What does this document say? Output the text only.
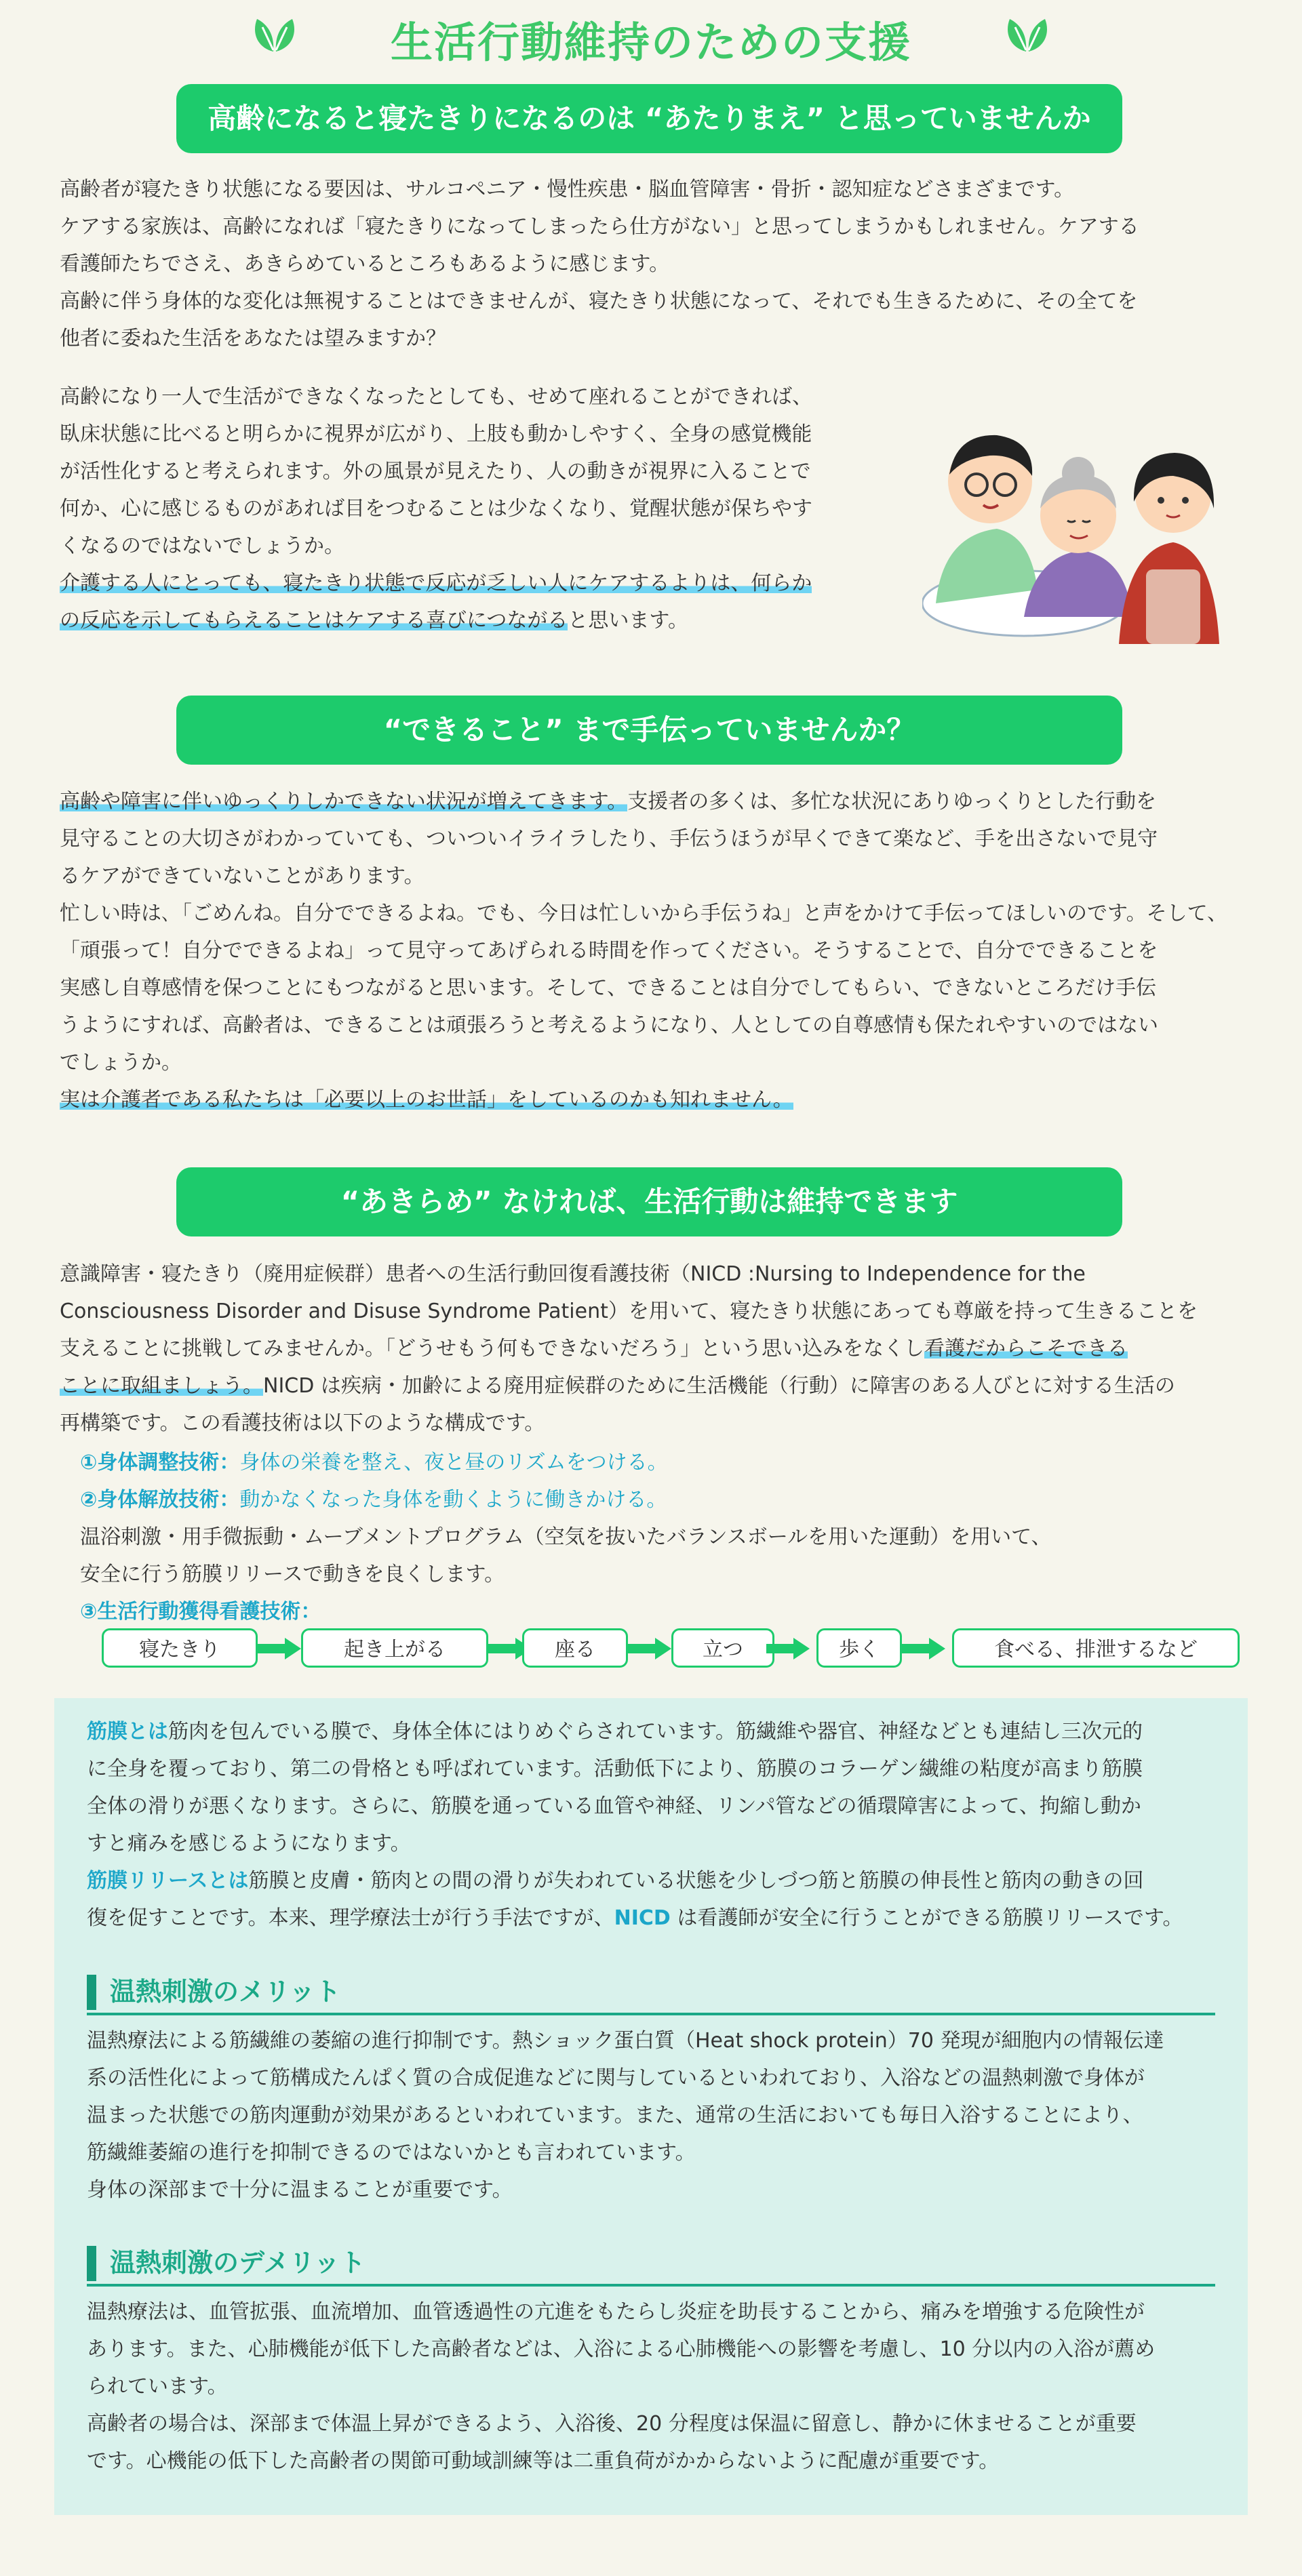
生活行動維持のための支援
高齢になると寝たきりになるのは “あたりまえ” と思っていませんか

高齢者が寝たきり状態になる要因は、サルコペニア・慢性疾患・脳血管障害・骨折・認知症などさまざまです。

ケアする家族は、高齢になれば「寝たきりになってしまったら仕方がない」と思ってしまうかもしれません。ケアする

看護師たちでさえ、あきらめているところもあるように感じます。

高齢に伴う身体的な変化は無視することはできませんが、寝たきり状態になって、それでも生きるために、その全てを

他者に委ねた生活をあなたは望みますか？

高齢になり一人で生活ができなくなったとしても、せめて座れることができれば、

臥床状態に比べると明らかに視界が広がり、上肢も動かしやすく、全身の感覚機能

が活性化すると考えられます。外の風景が見えたり、人の動きが視界に入ることで

何か、心に感じるものがあれば目をつむることは少なくなり、覚醒状態が保ちやす

くなるのではないでしょうか。

介護する人にとっても、寝たきり状態で反応が乏しい人にケアするよりは、何らか

の反応を示してもらえることはケアする喜びにつながると思います。

“できること” まで手伝っていませんか？

高齢や障害に伴いゆっくりしかできない状況が増えてきます。支援者の多くは、多忙な状況にありゆっくりとした行動を

見守ることの大切さがわかっていても、ついついイライラしたり、手伝うほうが早くできて楽など、手を出さないで見守

るケアができていないことがあります。

忙しい時は､「ごめんね。自分でできるよね。でも、今日は忙しいから手伝うね」と声をかけて手伝ってほしいのです。そして、

「頑張って！自分でできるよね」って見守ってあげられる時間を作ってください。そうすることで、自分でできることを

実感し自尊感情を保つことにもつながると思います。そして、できることは自分でしてもらい、できないところだけ手伝

うようにすれば、高齢者は、できることは頑張ろうと考えるようになり、人としての自尊感情も保たれやすいのではない

でしょうか。

実は介護者である私たちは「必要以上のお世話」をしているのかも知れません。

“あきらめ” なければ、生活行動は維持できます

意識障害・寝たきり（廃用症候群）患者への生活行動回復看護技術（NICD :Nursing to Independence for the

Consciousness Disorder and Disuse Syndrome Patient）を用いて、寝たきり状態にあっても尊厳を持って生きることを

支えることに挑戦してみませんか。「どうせもう何もできないだろう」という思い込みをなくし看護だからこそできる

ことに取組ましょう。NICD は疾病・加齢による廃用症候群のために生活機能（行動）に障害のある人びとに対する生活の

再構築です。この看護技術は以下のような構成です。

①身体調整技術：身体の栄養を整え、夜と昼のリズムをつける。
②身体解放技術：動かなくなった身体を動くように働きかける。
温浴刺激・用手微振動・ムーブメントプログラム（空気を抜いたバランスボールを用いた運動）を用いて、
安全に行う筋膜リリースで動きを良くします。
③生活行動獲得看護技術：
寝たきり	起き上がる	座る	立つ	歩く	食べる、排泄するなど

筋膜とは筋肉を包んでいる膜で、身体全体にはりめぐらされています。筋繊維や器官、神経などとも連結し三次元的

に全身を覆っており、第二の骨格とも呼ばれています。活動低下により、筋膜のコラーゲン繊維の粘度が高まり筋膜

全体の滑りが悪くなります。さらに、筋膜を通っている血管や神経、リンパ管などの循環障害によって、拘縮し動か

すと痛みを感じるようになります。

筋膜リリースとは筋膜と皮膚・筋肉との間の滑りが失われている状態を少しづつ筋と筋膜の伸長性と筋肉の動きの回

復を促すことです。本来、理学療法士が行う手法ですが、NICD は看護師が安全に行うことができる筋膜リリースです。

温熱刺激のメリット

温熱療法による筋繊維の萎縮の進行抑制です。熱ショック蛋白質（Heat shock protein）70 発現が細胞内の情報伝達

系の活性化によって筋構成たんぱく質の合成促進などに関与しているといわれており、入浴などの温熱刺激で身体が

温まった状態での筋肉運動が効果があるといわれています。また、通常の生活においても毎日入浴することにより、

筋繊維萎縮の進行を抑制できるのではないかとも言われています。

身体の深部まで十分に温まることが重要です。

温熱刺激のデメリット

温熱療法は、血管拡張、血流増加、血管透過性の亢進をもたらし炎症を助長することから、痛みを増強する危険性が

あります。また、心肺機能が低下した高齢者などは、入浴による心肺機能への影響を考慮し、10 分以内の入浴が薦め

られています。

高齢者の場合は、深部まで体温上昇ができるよう、入浴後、20 分程度は保温に留意し、静かに休ませることが重要

です。心機能の低下した高齢者の関節可動域訓練等は二重負荷がかからないように配慮が重要です。
